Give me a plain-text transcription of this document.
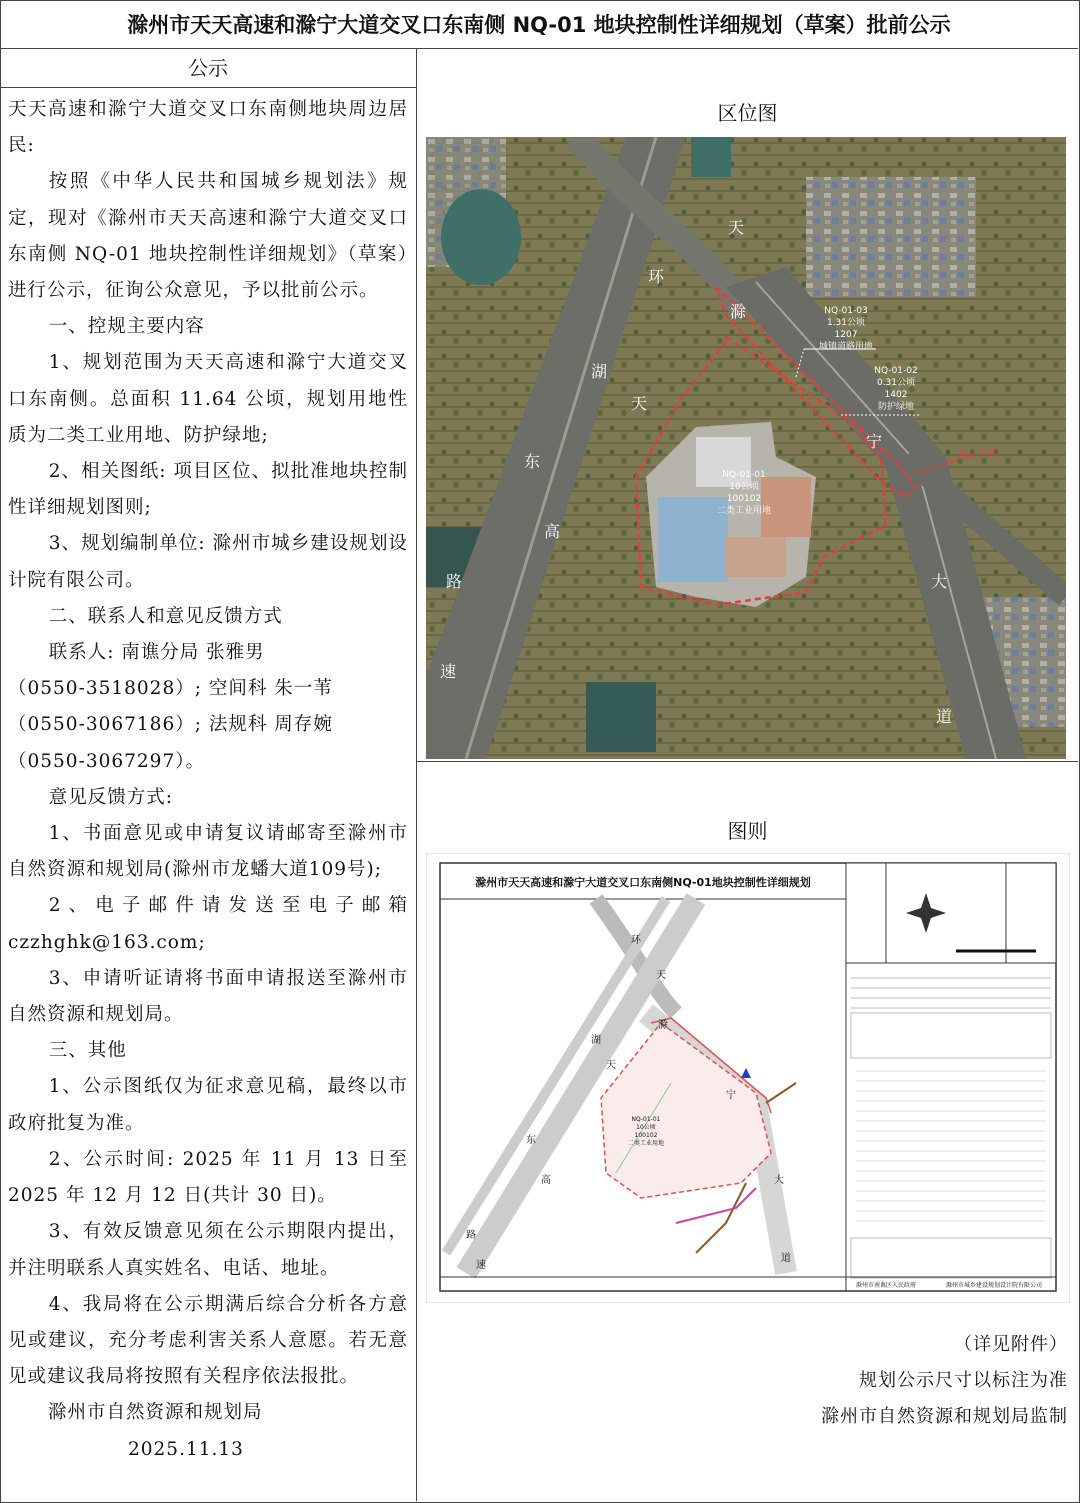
滁州市天天高速和滁宁大道交叉口东南侧 NQ-01 地块控制性详细规划（草案）批前公示
公示

天天高速和滁宁大道交叉口东南侧地块周边居民:

按照《中华人民共和国城乡规划法》规定，现对《滁州市天天高速和滁宁大道交叉口东南侧 NQ-01 地块控制性详细规划》（草案）进行公示，征询公众意见，予以批前公示。

一、控规主要内容

1、规划范围为天天高速和滁宁大道交叉口东南侧。总面积 11.64 公顷，规划用地性质为二类工业用地、防护绿地;

2、相关图纸: 项目区位、拟批准地块控制性详细规划图则;

3、规划编制单位: 滁州市城乡建设规划设计院有限公司。

二、联系人和意见反馈方式

联系人: 南谯分局 张雅男

（0550-3518028）; 空间科 朱一苇

（0550-3067186）; 法规科 周存婉

（0550-3067297）。

意见反馈方式:

1、书面意见或申请复议请邮寄至滁州市自然资源和规划局(滁州市龙蟠大道109号);

2、电子邮件请发送至电子邮箱

czzhghk@163.com;

3、申请听证请将书面申请报送至滁州市自然资源和规划局。

三、其他

1、公示图纸仅为征求意见稿，最终以市政府批复为准。

2、公示时间: 2025 年 11 月 13 日至 2025 年 12 月 12 日(共计 30 日)。

3、有效反馈意见须在公示期限内提出，并注明联系人真实姓名、电话、地址。

4、我局将在公示期满后综合分析各方意见或建议，充分考虑利害关系人意愿。若无意见或建议我局将按照有关程序依法报批。

滁州市自然资源和规划局

2025.11.13

区位图
环
湖
天
东
高
路
速
天
滁
宁
大
道
NQ-01-03
1.31公顷
1207
城镇道路用地
NQ-01-02
0.31公顷
1402
防护绿地
NQ-01-01
10公顷
100102
二类工业用地
规划范围
图则
滁州市天天高速和滁宁大道交叉口东南侧NQ-01地块控制性详细规划
环
湖
天
东
高
路
速
天
滁
宁
大
道
NQ-01-01
10公顷
100102
二类工业用地
滁州市南谯区人民政府	滁州市城乡建设规划设计院有限公司
（详见附件）
规划公示尺寸以标注为准
滁州市自然资源和规划局监制
